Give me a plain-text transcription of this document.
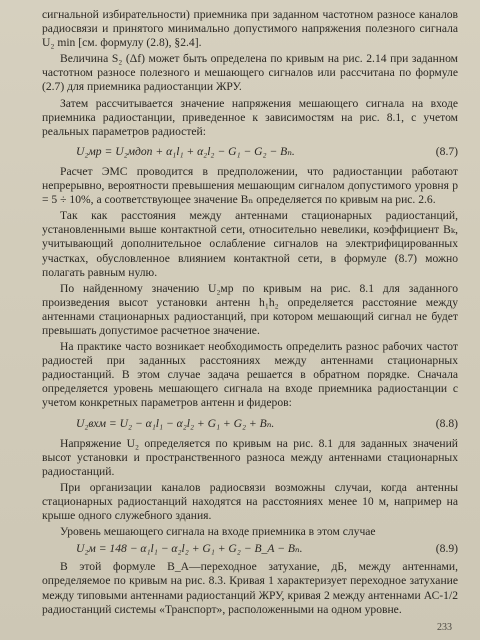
сигнальной избирательности) приемника при заданном частотном разносе каналов радиосвязи и принятого минимально допустимого напряжения полезного сигнала U₂ min [см. формулу (2.8), §2.4].

Величина S₂ (Δf) может быть определена по кривым на рис. 2.14 при заданном частотном разносе полезного и мешающего сигналов или рассчитана по формуле (2.7) для приемника радиостанции ЖРУ.

Затем рассчитывается значение напряжения мешающего сигнала на входе приемника радиостанции, приведенное к зависимостям на рис. 8.1, с учетом реальных параметров радиостей:

U₂мр = U₂мдоп + α₁l₁ + α₂l₂ − G₁ − G₂ − Bₙ.	(8.7)

Расчет ЭМС проводится в предположении, что радиостанции работают непрерывно, вероятности превышения мешающим сигналом допустимого уровня p = 5 ÷ 10%, а соответствующее значение Bₙ определяется по кривым на рис. 2.6.

Так как расстояния между антеннами стационарных радиостанций, установленными выше контактной сети, относительно невелики, коэффициент Bₖ, учитывающий дополнительное ослабление сигналов на электрифицированных участках, обусловленное влиянием контактной сети, в формуле (8.7) можно полагать равным нулю.

По найденному значению U₂мр по кривым на рис. 8.1 для заданного произведения высот установки антенн h₁h₂ определяется расстояние между антеннами стационарных радиостанций, при котором мешающий сигнал не будет превышать допустимое расчетное значение.

На практике часто возникает необходимость определить разнос рабочих частот радиостей при заданных расстояниях между антеннами стационарных радиостанций. В этом случае задача решается в обратном порядке. Сначала определяется уровень мешающего сигнала на входе приемника радиостанции с учетом конкретных параметров антенн и фидеров:

U₂вхм = U₂ − α₁l₁ − α₂l₂ + G₁ + G₂ + Bₙ.	(8.8)

Напряжение U₂ определяется по кривым на рис. 8.1 для заданных значений высот установки и пространственного разноса между антеннами стационарных радиостанций.

При организации каналов радиосвязи возможны случаи, когда антенны стационарных радиостанций находятся на расстояниях менее 10 м, например на крыше одного служебного здания.

Уровень мешающего сигнала на входе приемника в этом случае

U₂м = 148 − α₁l₁ − α₂l₂ + G₁ + G₂ − B_A − Bₙ.	(8.9)

В этой формуле B_A—переходное затухание, дБ, между антеннами, определяемое по кривым на рис. 8.3. Кривая 1 характеризует переходное затухание между типовыми антеннами радиостанций ЖРУ, кривая 2 между антеннами АС-1/2 радиостанций системы «Транспорт», расположенными на одном уровне.

233
